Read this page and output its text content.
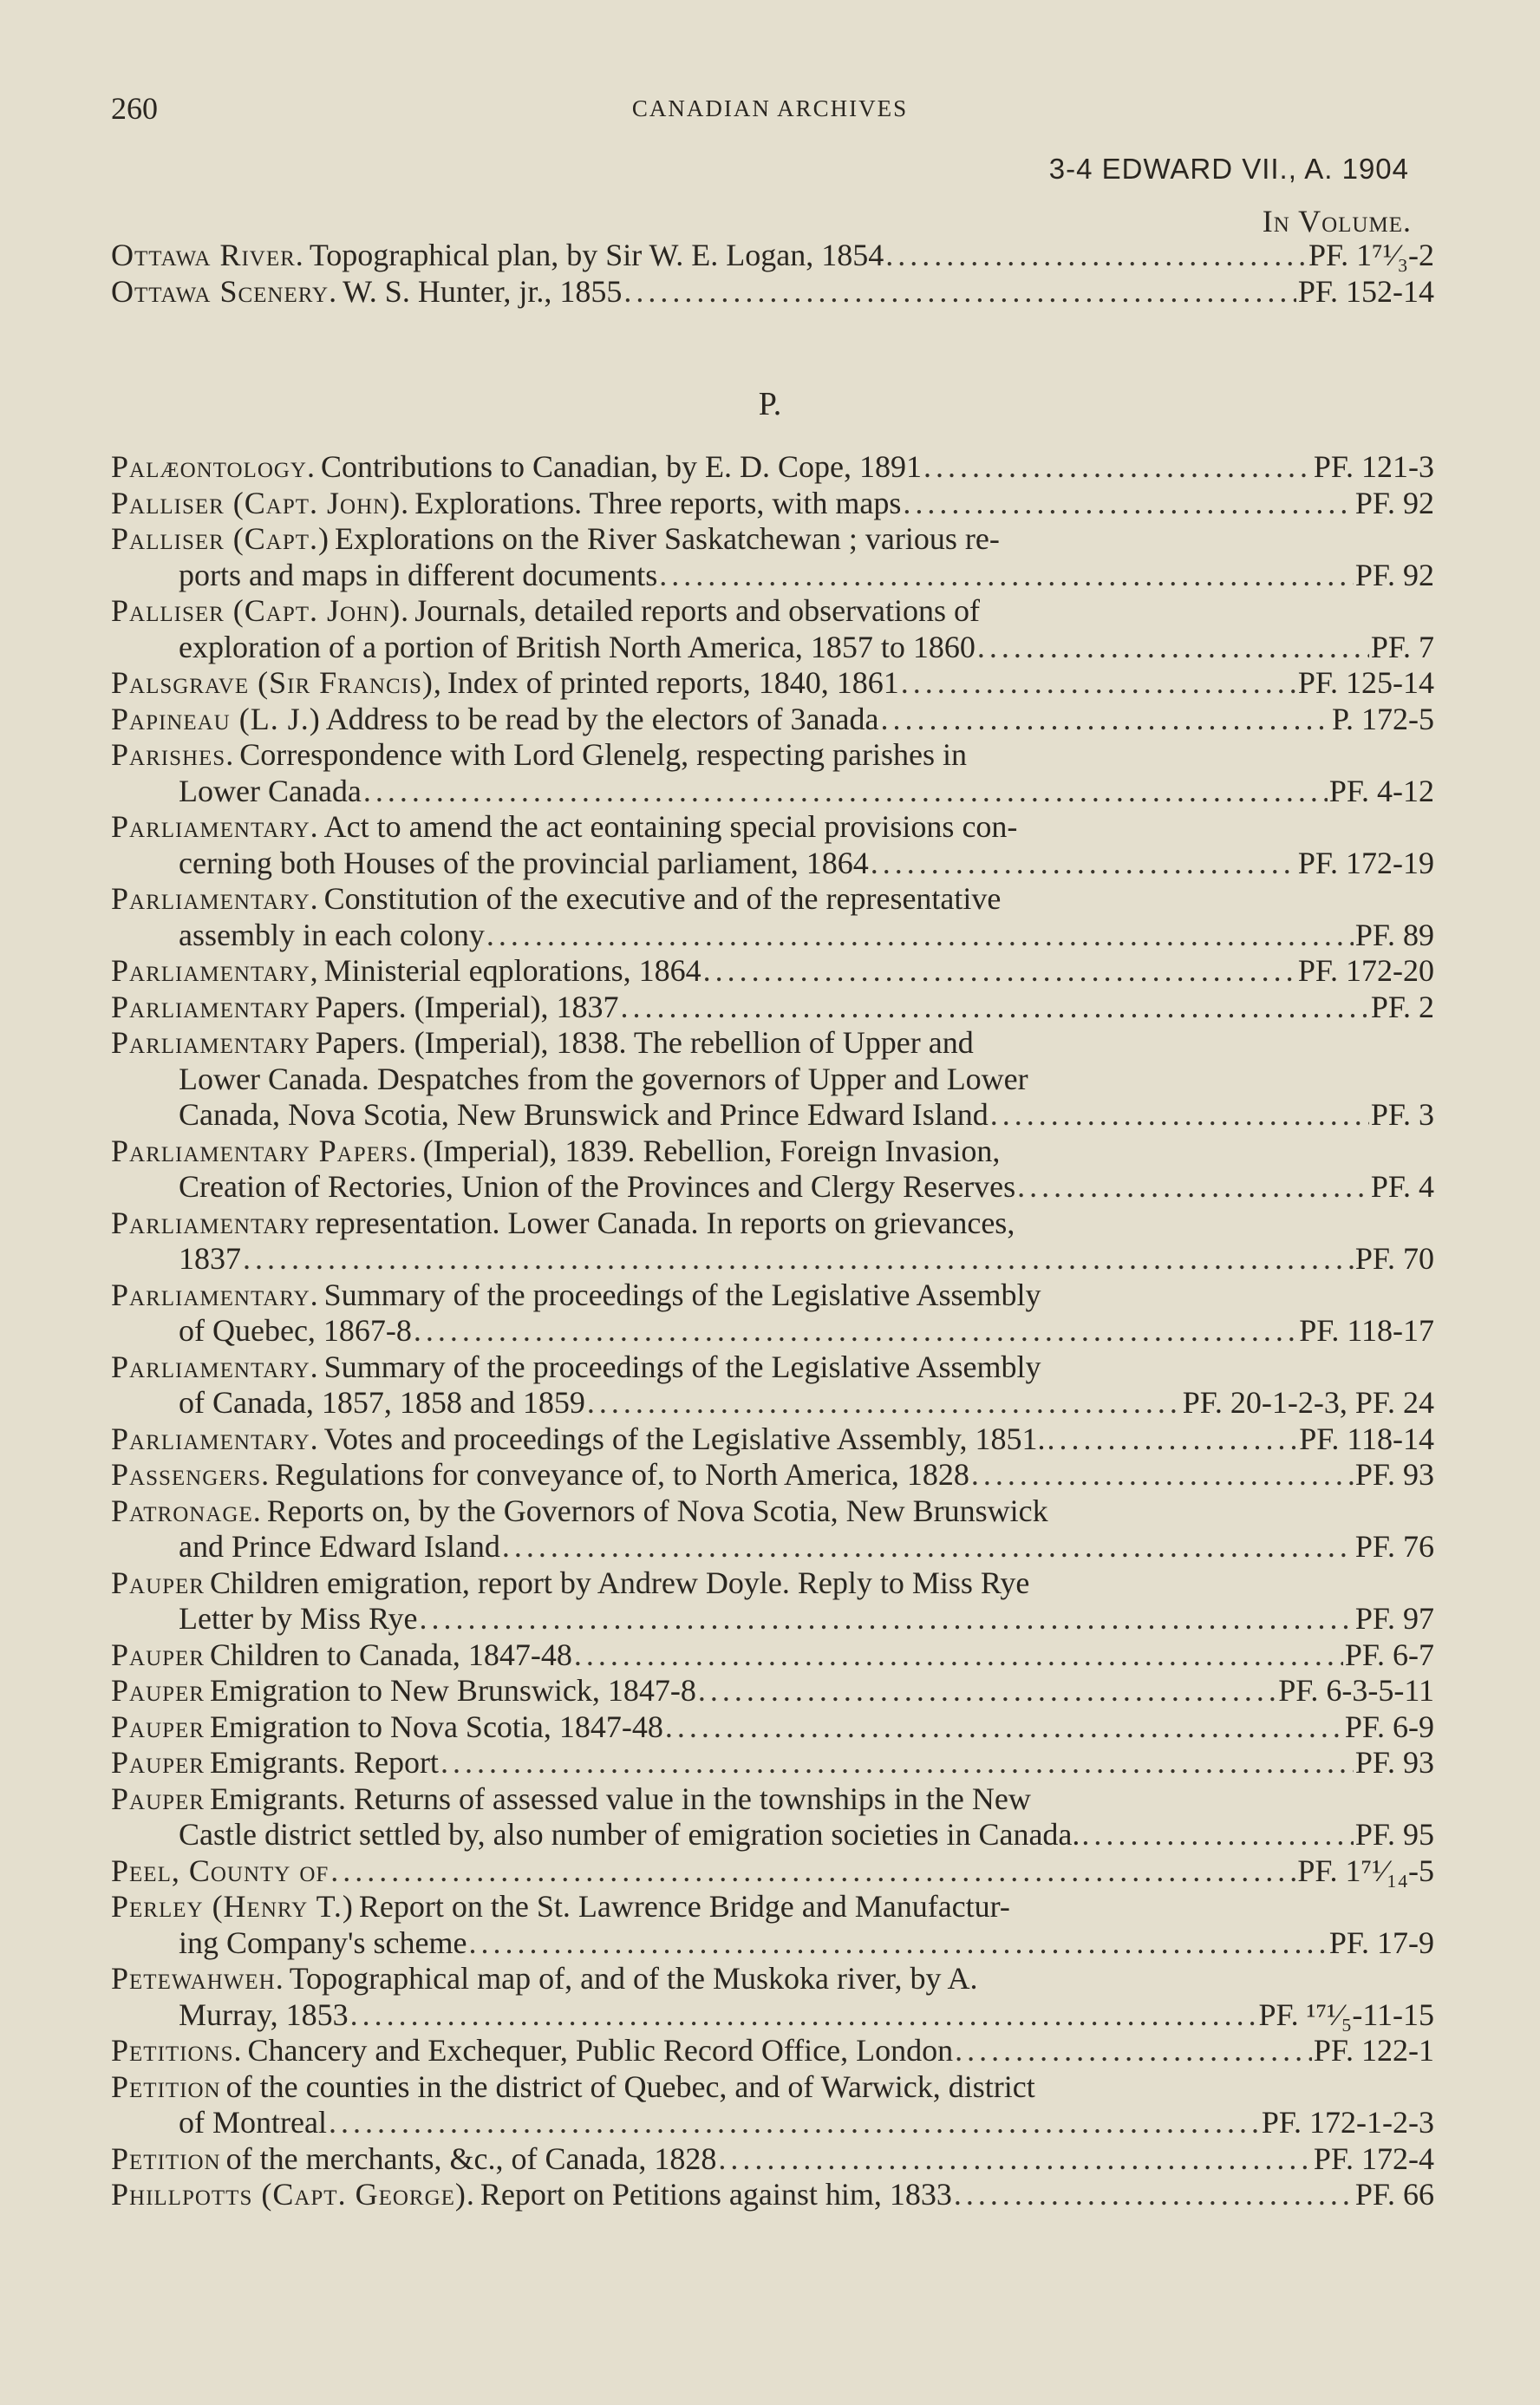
260	CANADIAN ARCHIVES
3-4 EDWARD VII., A. 1904
In Volume.
Ottawa River. Topographical plan, by Sir W. E. Logan, 1854 . . .	PF. 1⁷¹⁄₃-2
Ottawa Scenery. W. S. Hunter, jr., 1855 . . .	PF. 152-14
P.
Palæontology. Contributions to Canadian, by E. D. Cope, 1891 . . .	PF. 121-3
Palliser (Capt. John). Explorations. Three reports, with maps . . .	PF. 92
Palliser (Capt.) Explorations on the River Saskatchewan ; various re-
ports and maps in different documents . . .	PF. 92
Palliser (Capt. John). Journals, detailed reports and observations of
exploration of a portion of British North America, 1857 to 1860 . . .	PF. 7
Palsgrave (Sir Francis), Index of printed reports, 1840, 1861 . . .	PF. 125-14
Papineau (L. J.) Address to be read by the electors of 3anada . . .	P. 172-5
Parishes. Correspondence with Lord Glenelg, respecting parishes in
Lower Canada . . .	PF. 4-12
Parliamentary. Act to amend the act eontaining special provisions con-
cerning both Houses of the provincial parliament, 1864 . . .	PF. 172-19
Parliamentary. Constitution of the executive and of the representative
assembly in each colony . . .	PF. 89
Parliamentary, Ministerial eqplorations, 1864 . . .	PF. 172-20
Parliamentary Papers. (Imperial), 1837 . . .	PF. 2
Parliamentary Papers. (Imperial), 1838. The rebellion of Upper and
Lower Canada. Despatches from the governors of Upper and Lower
Canada, Nova Scotia, New Brunswick and Prince Edward Island . . .	PF. 3
Parliamentary Papers. (Imperial), 1839. Rebellion, Foreign Invasion,
Creation of Rectories, Union of the Provinces and Clergy Reserves . . .	PF. 4
Parliamentary representation. Lower Canada. In reports on grievances,
1837 . . .	PF. 70
Parliamentary. Summary of the proceedings of the Legislative Assembly
of Quebec, 1867-8 . . .	PF. 118-17
Parliamentary. Summary of the proceedings of the Legislative Assembly
of Canada, 1857, 1858 and 1859 . . .	PF. 20-1-2-3, PF. 24
Parliamentary. Votes and proceedings of the Legislative Assembly, 1851. . . .	PF. 118-14
Passengers. Regulations for conveyance of, to North America, 1828 . . .	PF. 93
Patronage. Reports on, by the Governors of Nova Scotia, New Brunswick
and Prince Edward Island . . .	PF. 76
Pauper Children emigration, report by Andrew Doyle. Reply to Miss Rye
Letter by Miss Rye . . .	PF. 97
Pauper Children to Canada, 1847-48 . . .	PF. 6-7
Pauper Emigration to New Brunswick, 1847-8 . . .	PF. 6-3-5-11
Pauper Emigration to Nova Scotia, 1847-48 . . .	PF. 6-9
Pauper Emigrants. Report . . .	PF. 93
Pauper Emigrants. Returns of assessed value in the townships in the New
Castle district settled by, also number of emigration societies in Canada. . . .	PF. 95
Peel, County of . . .	PF. 1⁷¹⁄₁₄-5
Perley (Henry T.) Report on the St. Lawrence Bridge and Manufactur-
ing Company's scheme . . .	PF. 17-9
Petewahweh. Topographical map of, and of the Muskoka river, by A.
Murray, 1853 . . .	PF. ¹⁷¹⁄₅-11-15
Petitions. Chancery and Exchequer, Public Record Office, London . . .	PF. 122-1
Petition of the counties in the district of Quebec, and of Warwick, district
of Montreal . . .	PF. 172-1-2-3
Petition of the merchants, &c., of Canada, 1828 . . .	PF. 172-4
Phillpotts (Capt. George). Report on Petitions against him, 1833 . . .	PF. 66
